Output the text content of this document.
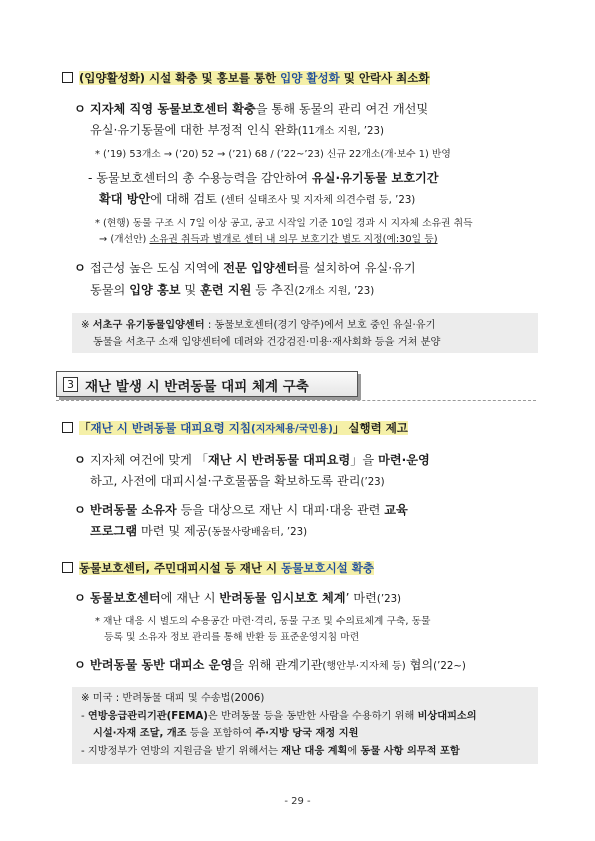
(입양활성화) 시설 확충 및 홍보를 통한 입양 활성화 및 안락사 최소화
ㅇ 지자체 직영 동물보호센터 확충을 통해 동물의 관리 여건 개선및
유실·유기동물에 대한 부정적 인식 완화(11개소 지원, ’23)
* (’19) 53개소 → (’20) 52 → (’21) 68 / (’22~’23) 신규 22개소(개·보수 1) 반영
- 동물보호센터의 총 수용능력을 감안하여 유실·유기동물 보호기간
확대 방안에 대해 검토 (센터 실태조사 및 지자체 의견수렴 등, ’23)
* (현행) 동물 구조 시 7일 이상 공고, 공고 시작일 기준 10일 경과 시 지자체 소유권 취득
→ (개선안) 소유권 취득과 별개로 센터 내 의무 보호기간 별도 지정(예:30일 등)
ㅇ 접근성 높은 도심 지역에 전문 입양센터를 설치하여 유실·유기
동물의 입양 홍보 및 훈련 지원 등 추진(2개소 지원, ’23)
※ 서초구 유기동물입양센터 : 동물보호센터(경기 양주)에서 보호 중인 유실·유기
동물을 서초구 소재 입양센터에 데려와 건강검진·미용·재사회화 등을 거쳐 분양
3 재난 발생 시 반려동물 대피 체계 구축
「재난 시 반려동물 대피요령 지침(지자체용/국민용)」 실행력 제고
ㅇ 지자체 여건에 맞게 「재난 시 반려동물 대피요령」을 마련·운영
하고, 사전에 대피시설·구호물품을 확보하도록 관리(’23)
ㅇ 반려동물 소유자 등을 대상으로 재난 시 대피·대응 관련 교육
프로그램 마련 및 제공(동물사랑배움터, ’23)
동물보호센터, 주민대피시설 등 재난 시 동물보호시설 확충
ㅇ 동물보호센터에 재난 시 반려동물 임시보호 체계’ 마련(’23)
* 재난 대응 시 별도의 수용공간 마련·격리, 동물 구조 및 수의료체계 구축, 동물
등록 및 소유자 정보 관리를 통해 반환 등 표준운영지침 마련
ㅇ 반려동물 동반 대피소 운영을 위해 관계기관(행안부·지자체 등) 협의(’22~)
※ 미국 : 반려동물 대피 및 수송법(2006)
- 연방응급관리기관(FEMA)은 반려동물 등을 동반한 사람을 수용하기 위해 비상대피소의
시설·자재 조달, 개조 등을 포함하여 주·지방 당국 재정 지원
- 지방정부가 연방의 지원금을 받기 위해서는 재난 대응 계획에 동물 사항 의무적 포함
- 29 -
